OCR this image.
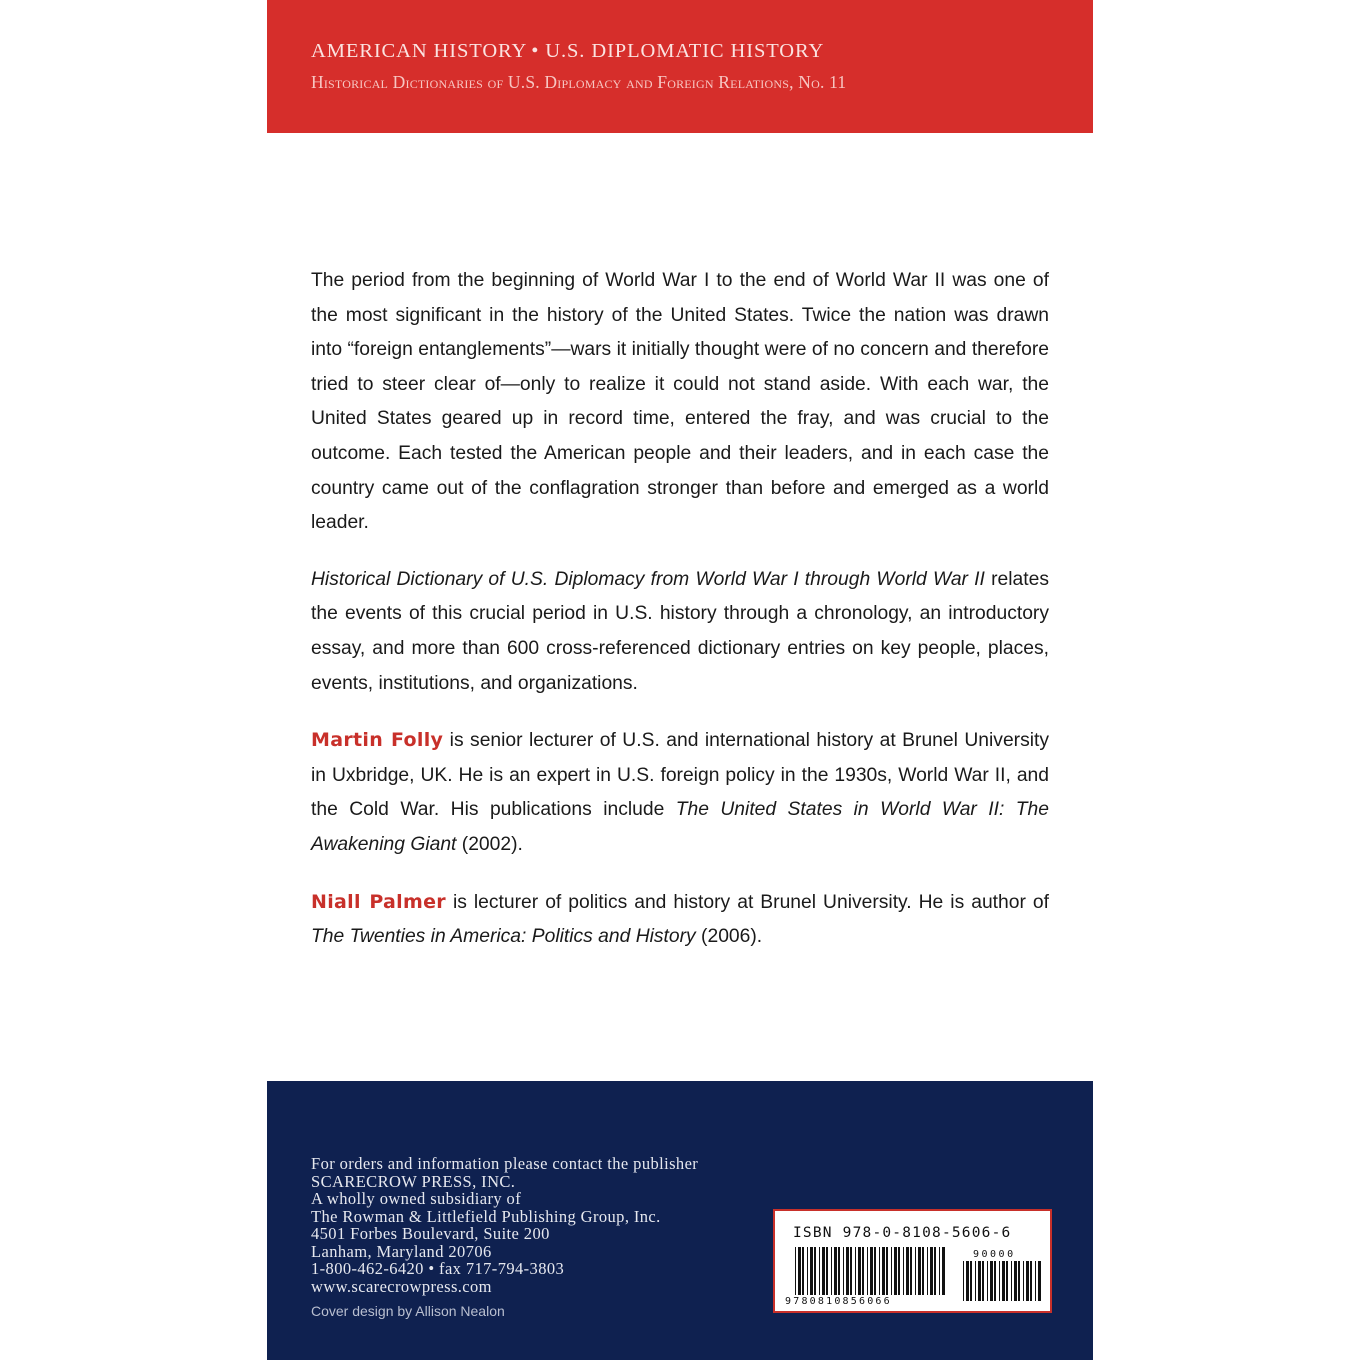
AMERICAN HISTORY • U.S. DIPLOMATIC HISTORY
Historical Dictionaries of U.S. Diplomacy and Foreign Relations, No. 11

The period from the beginning of World War I to the end of World War II was one of the most significant in the history of the United States. Twice the nation was drawn into “foreign entanglements”—wars it initially thought were of no concern and therefore tried to steer clear of—only to realize it could not stand aside. With each war, the United States geared up in record time, entered the fray, and was crucial to the outcome. Each tested the American people and their leaders, and in each case the country came out of the conflagration stronger than before and emerged as a world leader.

Historical Dictionary of U.S. Diplomacy from World War I through World War II relates the events of this crucial period in U.S. history through a chronology, an introductory essay, and more than 600 cross-referenced dictionary entries on key people, places, events, institutions, and organizations.

Martin Folly is senior lecturer of U.S. and international history at Brunel University in Uxbridge, UK. He is an expert in U.S. foreign policy in the 1930s, World War II, and the Cold War. His publications include The United States in World War II: The Awakening Giant (2002).

Niall Palmer is lecturer of politics and history at Brunel University. He is author of The Twenties in America: Politics and History (2006).

For orders and information please contact the publisher
SCARECROW PRESS, INC.
A wholly owned subsidiary of
The Rowman & Littlefield Publishing Group, Inc.
4501 Forbes Boulevard, Suite 200
Lanham, Maryland 20706
1-800-462-6420 • fax 717-794-3803
www.scarecrowpress.com
Cover design by Allison Nealon
ISBN 978-0-8108-5606-6
90000
9780810856066
